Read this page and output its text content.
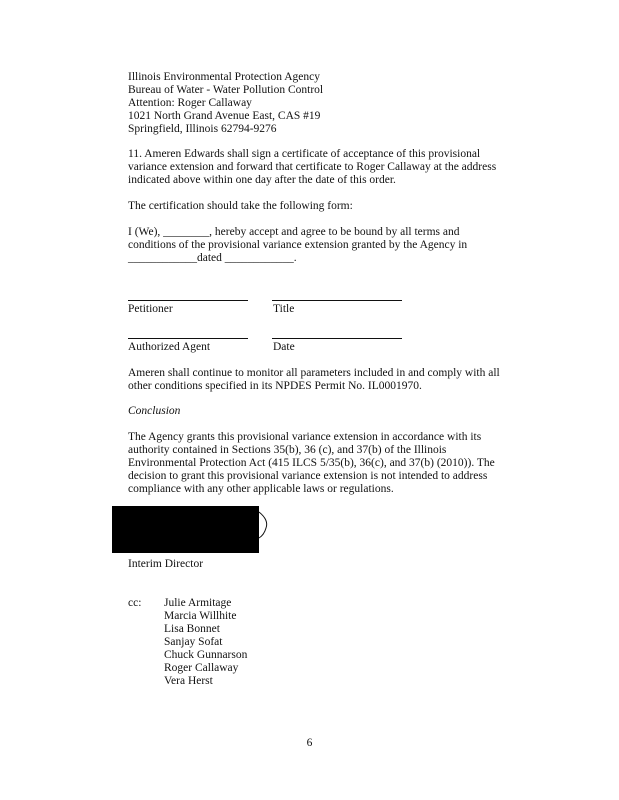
Illinois Environmental Protection Agency
Bureau of Water - Water Pollution Control
Attention: Roger Callaway
1021 North Grand Avenue East, CAS #19
Springfield, Illinois 62794-9276
11. Ameren Edwards shall sign a certificate of acceptance of this provisional
variance extension and forward that certificate to Roger Callaway at the address
indicated above within one day after the date of this order.
The certification should take the following form:
I (We), ________, hereby accept and agree to be bound by all terms and
conditions of the provisional variance extension granted by the Agency in
____________dated ____________.
Petitioner	Title
Authorized Agent	Date
Ameren shall continue to monitor all parameters included in and comply with all
other conditions specified in its NPDES Permit No. IL0001970.
Conclusion
The Agency grants this provisional variance extension in accordance with its
authority contained in Sections 35(b), 36 (c), and 37(b) of the Illinois
Environmental Protection Act (415 ILCS 5/35(b), 36(c), and 37(b) (2010)). The
decision to grant this provisional variance extension is not intended to address
compliance with any other applicable laws or regulations.
Interim Director
cc: Julie Armitage
Marcia Willhite
Lisa Bonnet
Sanjay Sofat
Chuck Gunnarson
Roger Callaway
Vera Herst
6
